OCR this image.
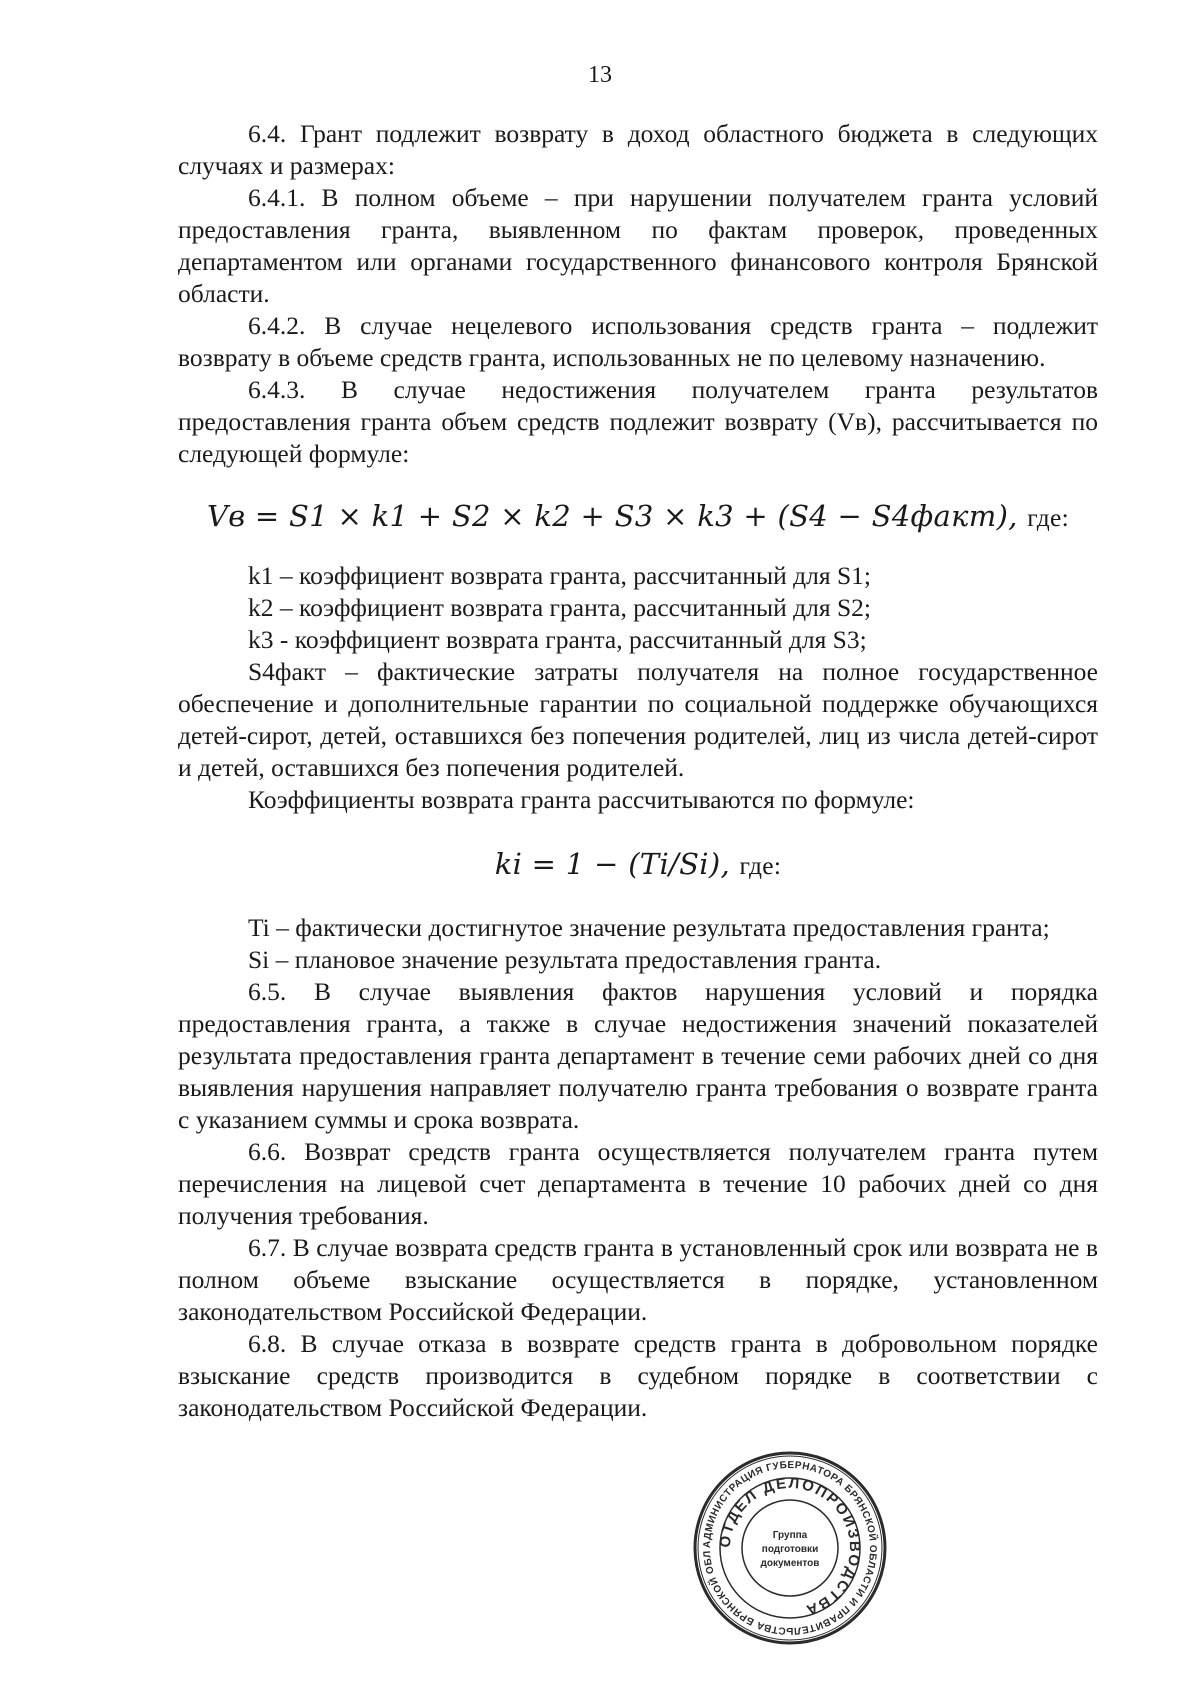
13

6.4. Грант подлежит возврату в доход областного бюджета в следующих случаях и размерах:

6.4.1. В полном объеме – при нарушении получателем гранта условий предоставления гранта, выявленном по фактам проверок, проведенных департаментом или органами государственного финансового контроля Брянской области.

6.4.2. В случае нецелевого использования средств гранта – подлежит возврату в объеме средств гранта, использованных не по целевому назначению.

6.4.3. В случае недостижения получателем гранта результатов предоставления гранта объем средств подлежит возврату (Vв), рассчитывается по следующей формуле:

Vв = S1 × k1 + S2 × k2 + S3 × k3 + (S4 − S4факт), где:

k1 – коэффициент возврата гранта, рассчитанный для S1;

k2 – коэффициент возврата гранта, рассчитанный для S2;

k3 - коэффициент возврата гранта, рассчитанный для S3;

S4факт – фактические затраты получателя на полное государственное обеспечение и дополнительные гарантии по социальной поддержке обучающихся детей-сирот, детей, оставшихся без попечения родителей, лиц из числа детей-сирот и детей, оставшихся без попечения родителей.

Коэффициенты возврата гранта рассчитываются по формуле:

ki = 1 − (Ti/Si), где:

Ti – фактически достигнутое значение результата предоставления гранта;

Si – плановое значение результата предоставления гранта.

6.5. В случае выявления фактов нарушения условий и порядка предоставления гранта, а также в случае недостижения значений показателей результата предоставления гранта департамент в течение семи рабочих дней со дня выявления нарушения направляет получателю гранта требования о возврате гранта с указанием суммы и срока возврата.

6.6. Возврат средств гранта осуществляется получателем гранта путем перечисления на лицевой счет департамента в течение 10 рабочих дней со дня получения требования.

6.7. В случае возврата средств гранта в установленный срок или возврата не в полном объеме взыскание осуществляется в порядке, установленном законодательством Российской Федерации.

6.8. В случае отказа в возврате средств гранта в добровольном порядке взыскание средств производится в судебном порядке в соответствии с законодательством Российской Федерации.

АДМИНИСТРАЦИЯ ГУБЕРНАТОРА БРЯНСКОЙ ОБЛАСТИ И ПРАВИТЕЛЬСТВА БРЯНСКОЙ ОБЛ
ОТДЕЛ ДЕЛОПРОИЗВОДСТВА
Группа
подготовки
документов
